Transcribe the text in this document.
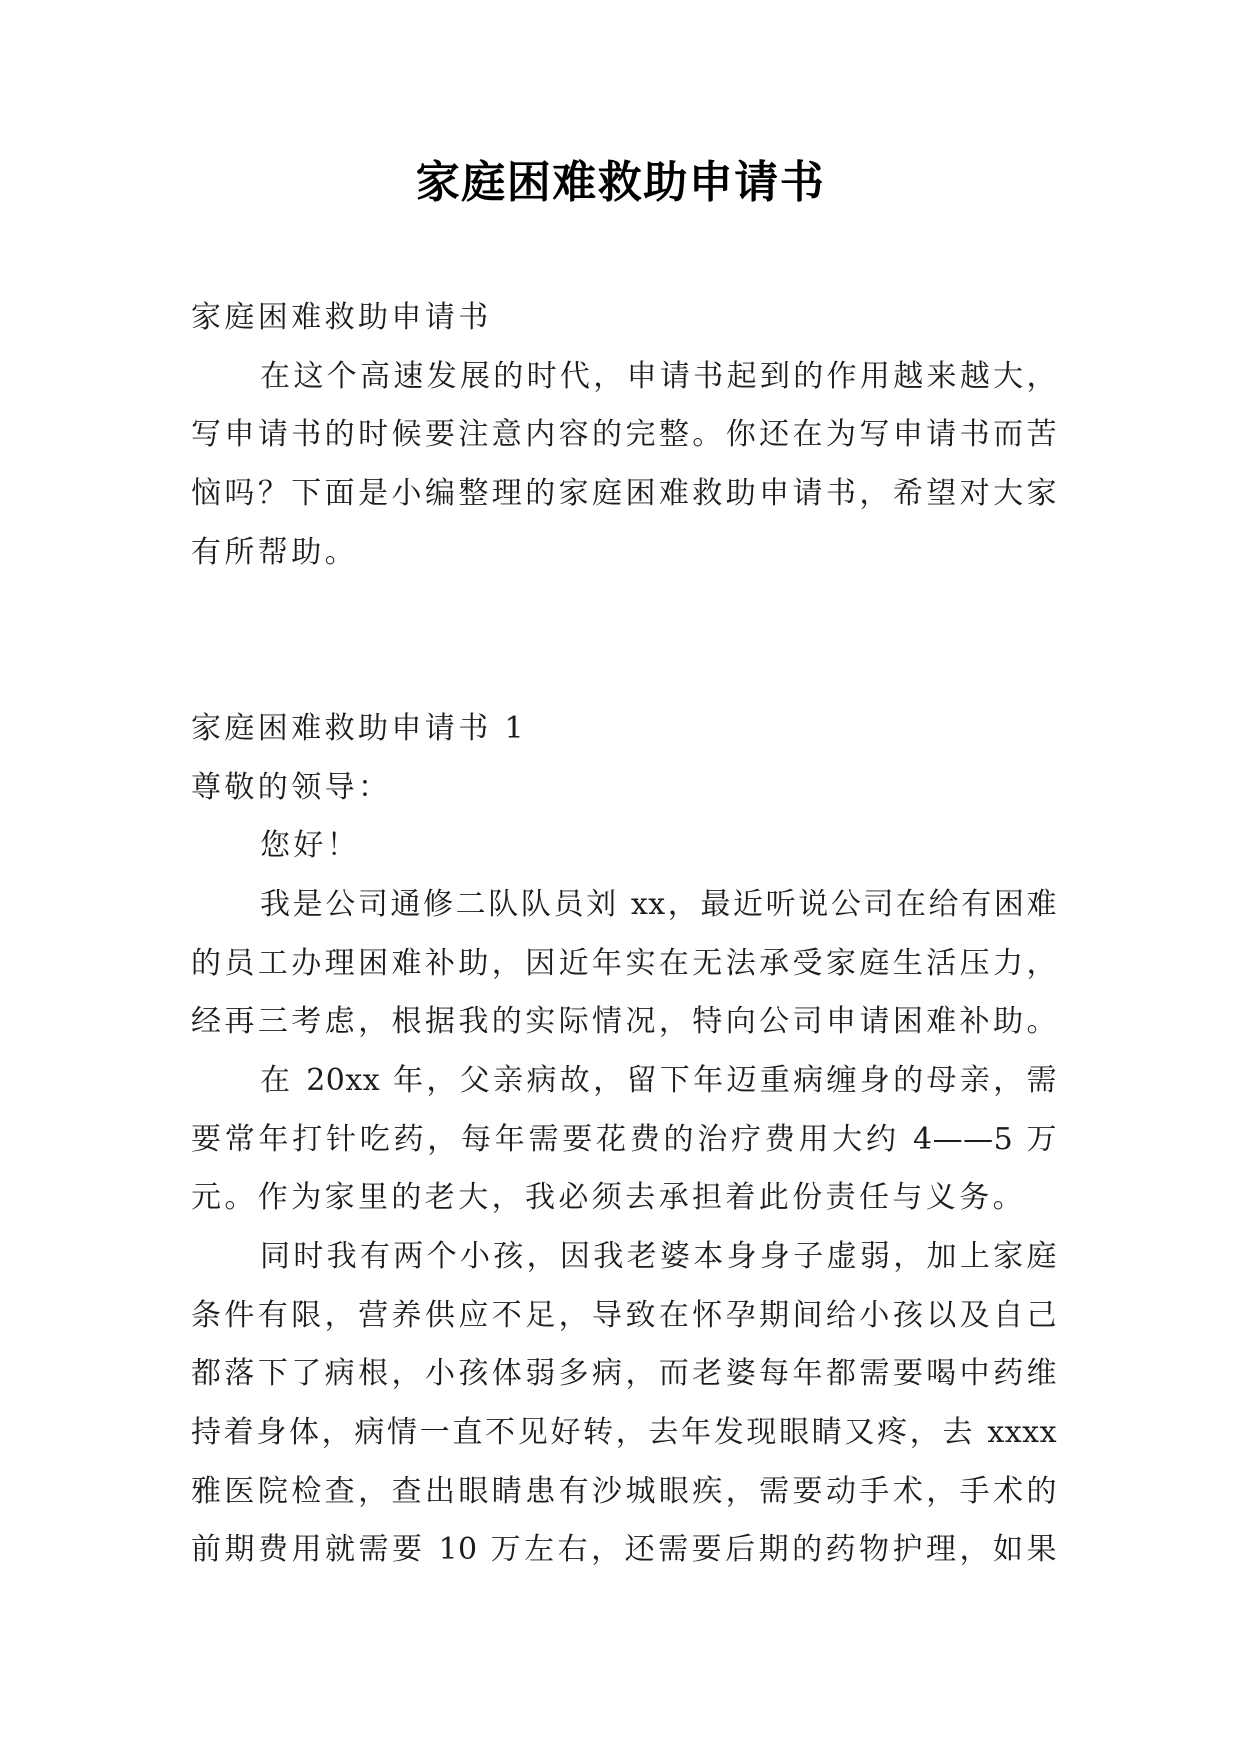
家庭困难救助申请书
家庭困难救助申请书
在这个高速发展的时代，申请书起到的作用越来越大，
写申请书的时候要注意内容的完整。你还在为写申请书而苦
恼吗？下面是小编整理的家庭困难救助申请书，希望对大家
有所帮助。
家庭困难救助申请书 1
尊敬的领导：
您好！
我是公司通修二队队员刘 xx，最近听说公司在给有困难
的员工办理困难补助，因近年实在无法承受家庭生活压力，
经再三考虑，根据我的实际情况，特向公司申请困难补助。
在 20xx 年，父亲病故，留下年迈重病缠身的母亲，需
要常年打针吃药，每年需要花费的治疗费用大约 4——5 万
元。作为家里的老大，我必须去承担着此份责任与义务。
同时我有两个小孩，因我老婆本身身子虚弱，加上家庭
条件有限，营养供应不足，导致在怀孕期间给小孩以及自己
都落下了病根，小孩体弱多病，而老婆每年都需要喝中药维
持着身体，病情一直不见好转，去年发现眼睛又疼，去 xxxx
雅医院检查，查出眼睛患有沙城眼疾，需要动手术，手术的
前期费用就需要 10 万左右，还需要后期的药物护理，如果
